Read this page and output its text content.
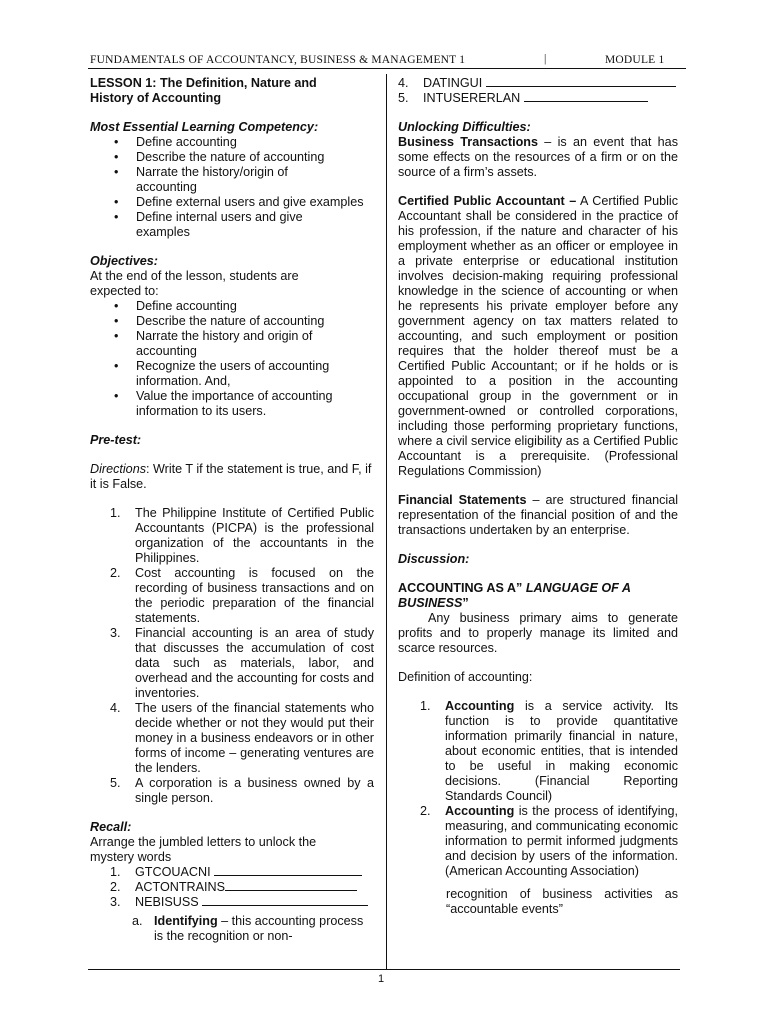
FUNDAMENTALS OF ACCOUNTANCY, BUSINESS & MANAGEMENT 1	|	MODULE 1

LESSON 1: The Definition, Nature and History of Accounting

Most Essential Learning Competency:

• Define accounting
• Describe the nature of accounting
• Narrate the history/origin of accounting
• Define external users and give examples
• Define internal users and give examples

Objectives:

At the end of the lesson, students are expected to:

• Define accounting
• Describe the nature of accounting
• Narrate the history and origin of accounting
• Recognize the users of accounting information. And,
• Value the importance of accounting information to its users.

Pre-test:

Directions: Write T if the statement is true, and F, if it is False.

1. The Philippine Institute of Certified Public Accountants (PICPA) is the professional organization of the accountants in the Philippines.
2. Cost accounting is focused on the recording of business transactions and on the periodic preparation of the financial statements.
3. Financial accounting is an area of study that discusses the accumulation of cost data such as materials, labor, and overhead and the accounting for costs and inventories.
4. The users of the financial statements who decide whether or not they would put their money in a business endeavors or in other forms of income – generating ventures are the lenders.
5. A corporation is a business owned by a single person.

Recall:

Arrange the jumbled letters to unlock the mystery words

1. GTCOUACNI
2. ACTONTRAINS
3. NEBISUSS

a. Identifying – this accounting process is the recognition or non-

4. DATINGUI
5. INTUSERERLAN

Unlocking Difficulties:

Business Transactions – is an event that has some effects on the resources of a firm or on the source of a firm’s assets.

Certified Public Accountant – A Certified Public Accountant shall be considered in the practice of his profession, if the nature and character of his employment whether as an officer or employee in a private enterprise or educational institution involves decision-making requiring professional knowledge in the science of accounting or when he represents his private employer before any government agency on tax matters related to accounting, and such employment or position requires that the holder thereof must be a Certified Public Accountant; or if he holds or is appointed to a position in the accounting occupational group in the government or in government-owned or controlled corporations, including those performing proprietary functions, where a civil service eligibility as a Certified Public Accountant is a prerequisite. (Professional Regulations Commission)

Financial Statements – are structured financial representation of the financial position of and the transactions undertaken by an enterprise.

Discussion:

ACCOUNTING AS A” LANGUAGE OF A BUSINESS”

Any business primary aims to generate profits and to properly manage its limited and scarce resources.

Definition of accounting:

1. Accounting is a service activity. Its function is to provide quantitative information primarily financial in nature, about economic entities, that is intended to be useful in making economic decisions. (Financial Reporting Standards Council)
2. Accounting is the process of identifying, measuring, and communicating economic information to permit informed judgments and decision by users of the information. (American Accounting Association)

recognition of business activities as “accountable events”

1
